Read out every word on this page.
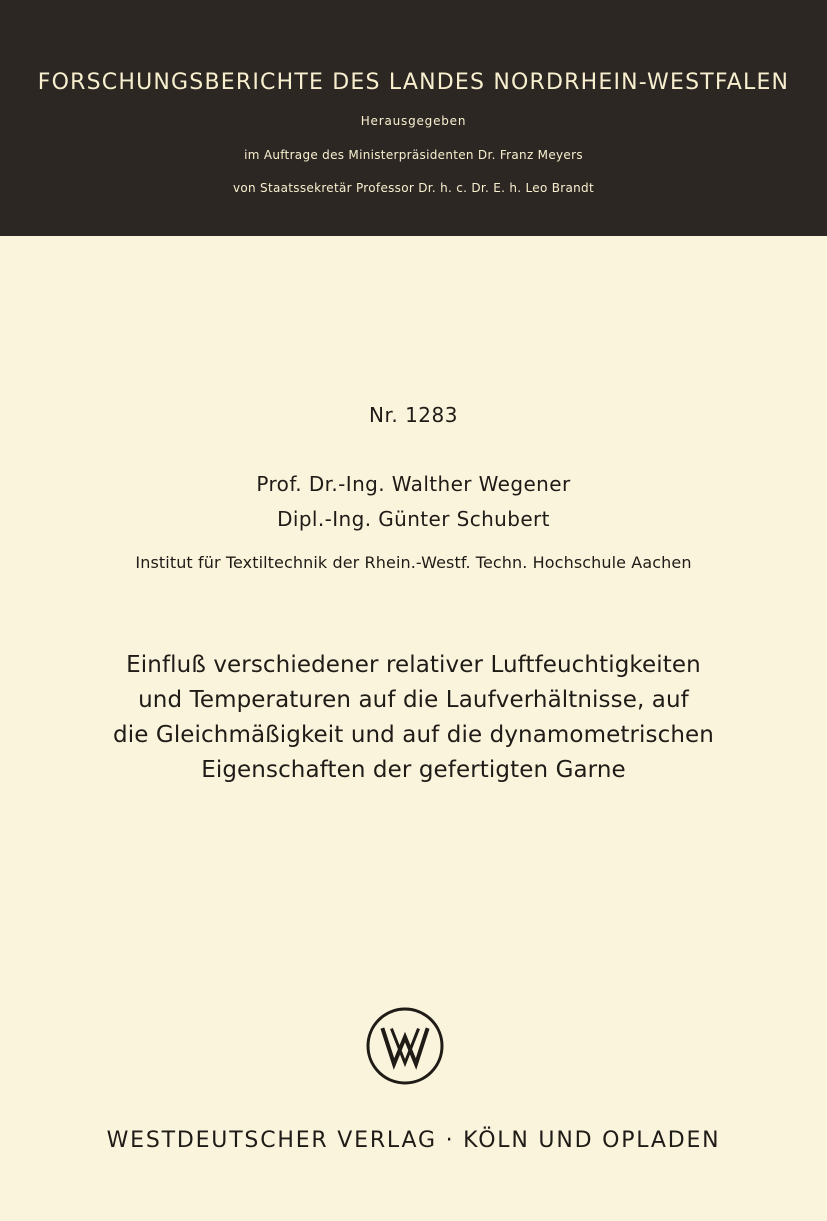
FORSCHUNGSBERICHTE DES LANDES NORDRHEIN-WESTFALEN
Herausgegeben
im Auftrage des Ministerpräsidenten Dr. Franz Meyers
von Staatssekretär Professor Dr. h. c. Dr. E. h. Leo Brandt
Nr. 1283
Prof. Dr.-Ing. Walther Wegener
Dipl.-Ing. Günter Schubert
Institut für Textiltechnik der Rhein.-Westf. Techn. Hochschule Aachen
Einfluß verschiedener relativer Luftfeuchtigkeiten
und Temperaturen auf die Laufverhältnisse, auf
die Gleichmäßigkeit und auf die dynamometrischen
Eigenschaften der gefertigten Garne
WESTDEUTSCHER VERLAG · KÖLN UND OPLADEN
